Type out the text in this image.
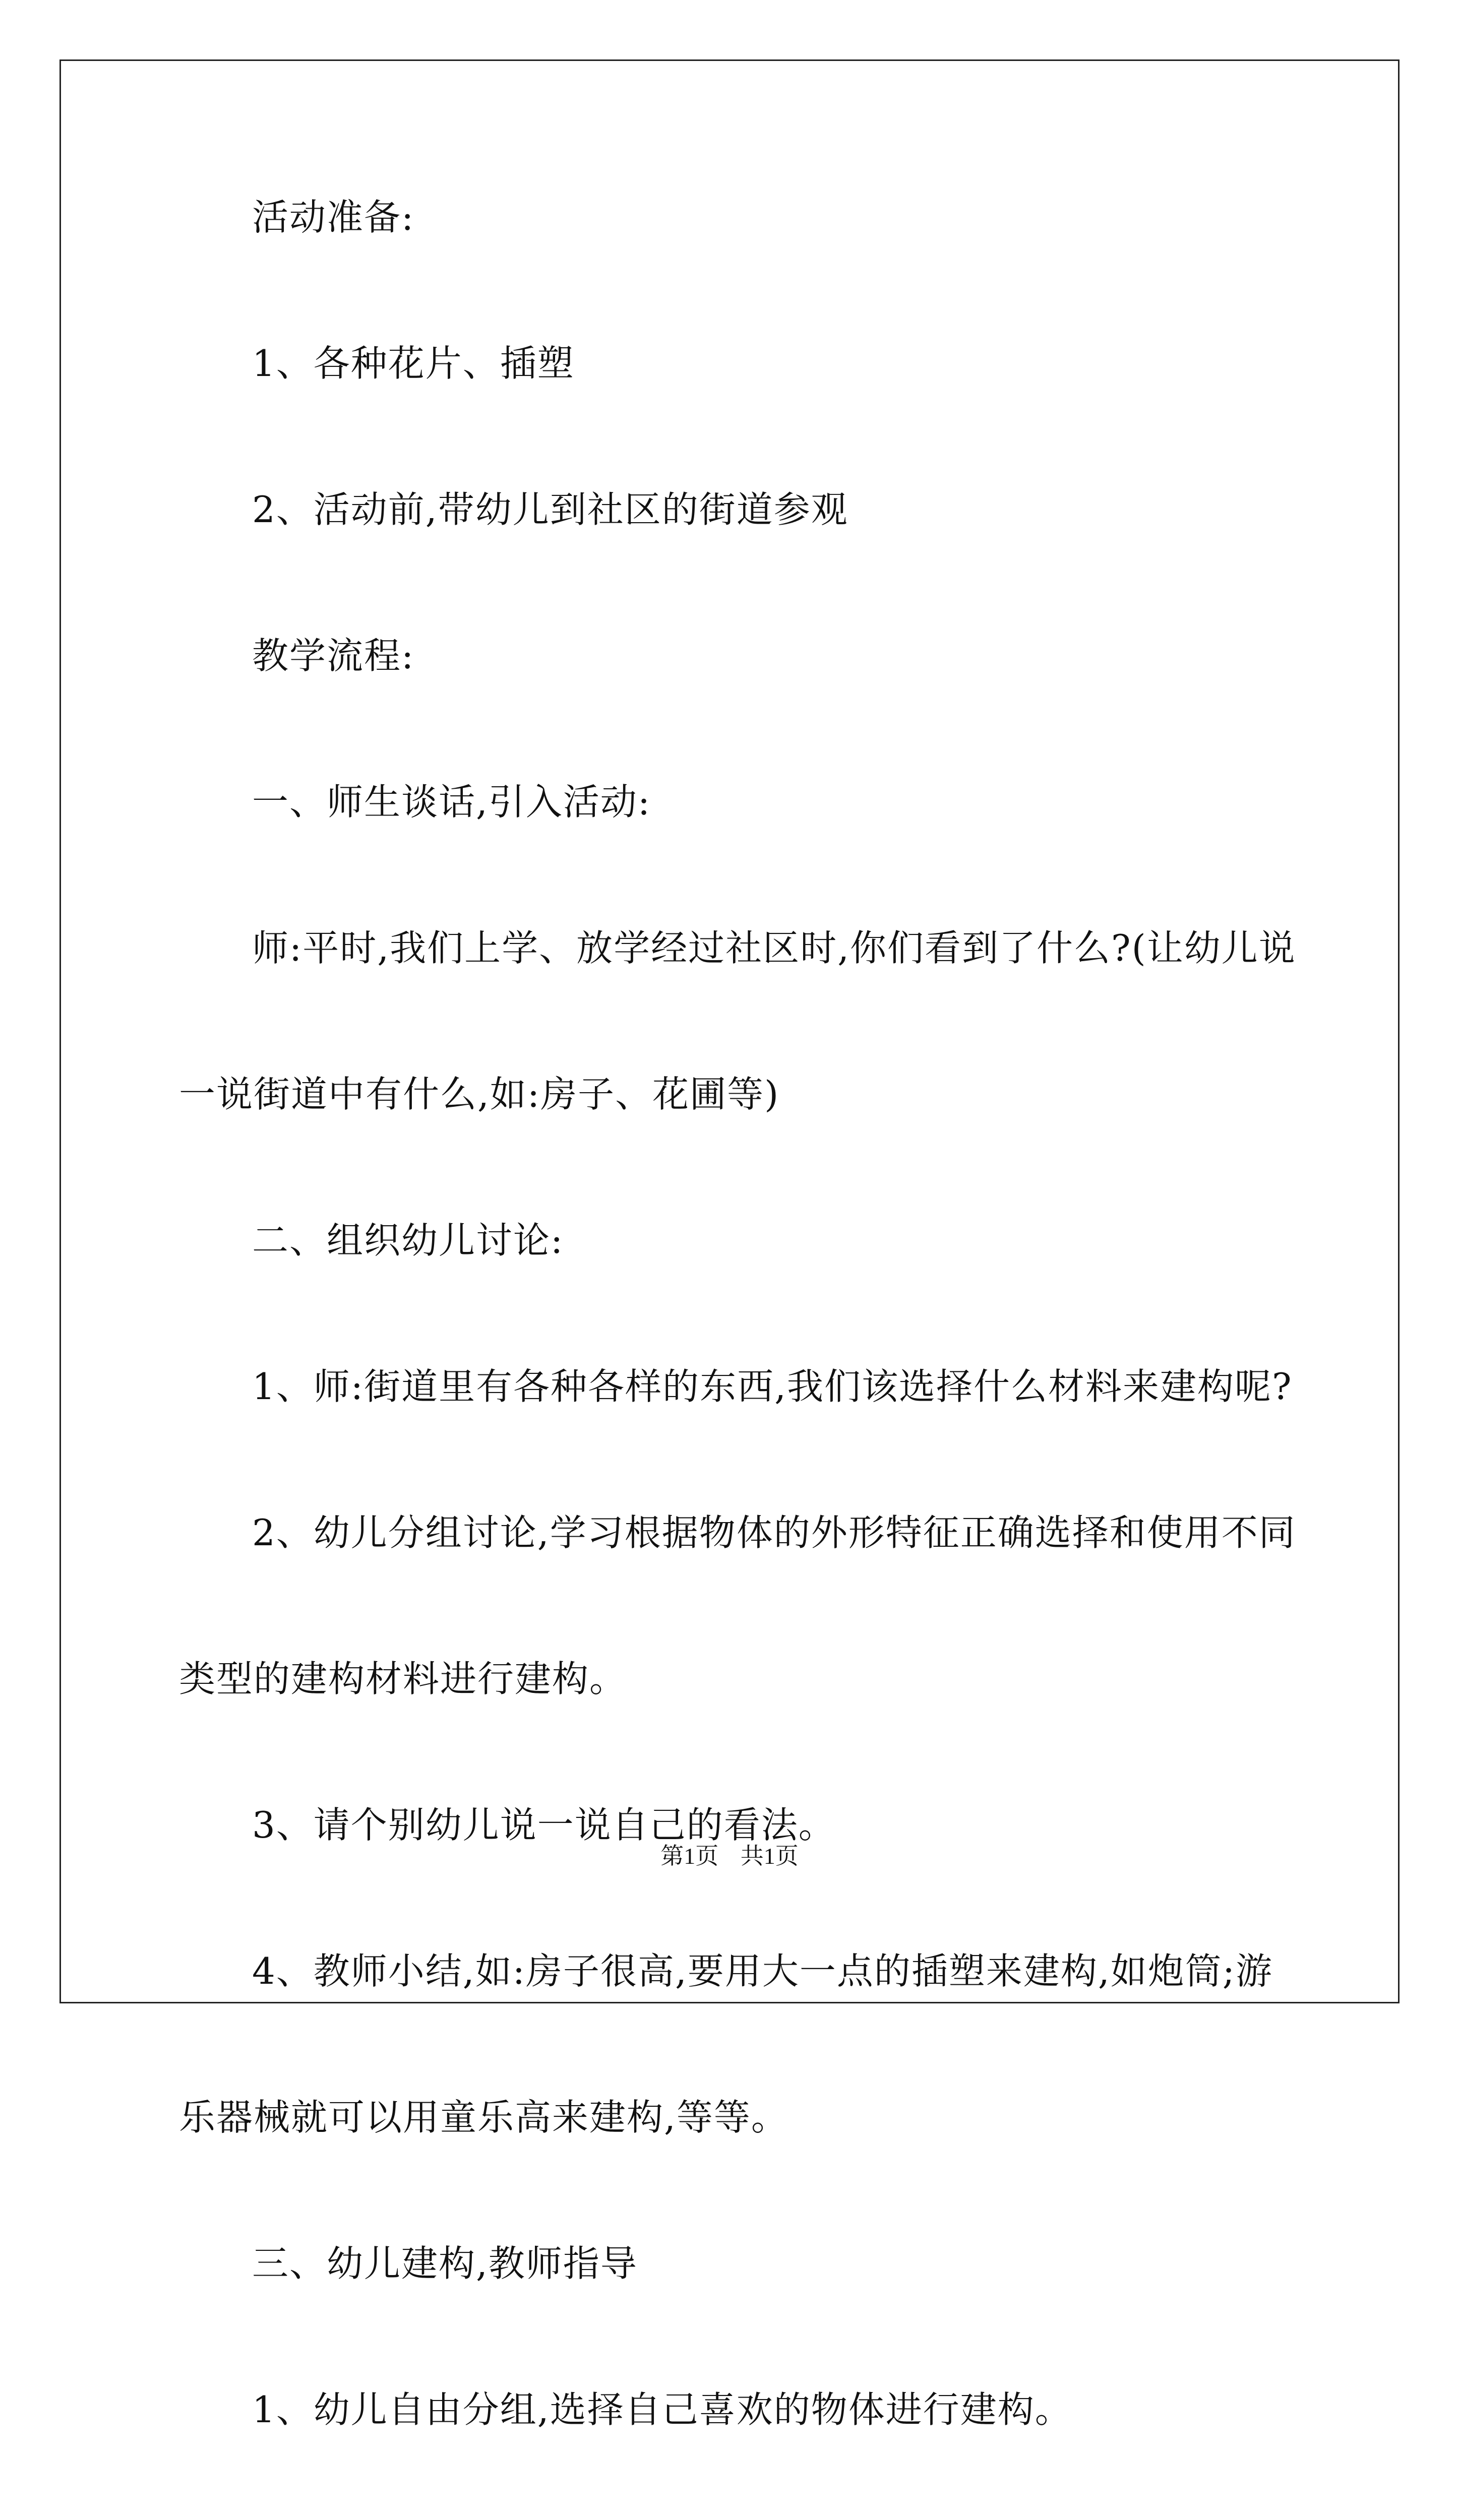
活动准备:

1、各种花片、插塑

2、活动前,带幼儿到社区的街道参观

教学流程:

一、师生谈话,引入活动:

师:平时,我们上学、放学经过社区时,你们看到了什么?(让幼儿说

一说街道中有什么,如:房子、花圃等)

二、组织幼儿讨论:

1、师:街道里有各种各样的东西,我们该选择什么材料来建构呢?

2、幼儿分组讨论,学习根据物体的外形特征正确选择和使用不同

类型的建构材料进行建构。

3、请个别幼儿说一说自己的看法。

4、教师小结,如:房子很高,要用大一点的插塑来建构,如炮筒;游

乐器械就可以用童乐高来建构,等等。

三、幼儿建构,教师指导

1、幼儿自由分组,选择自己喜欢的物体进行建构。

第1页 共1页
